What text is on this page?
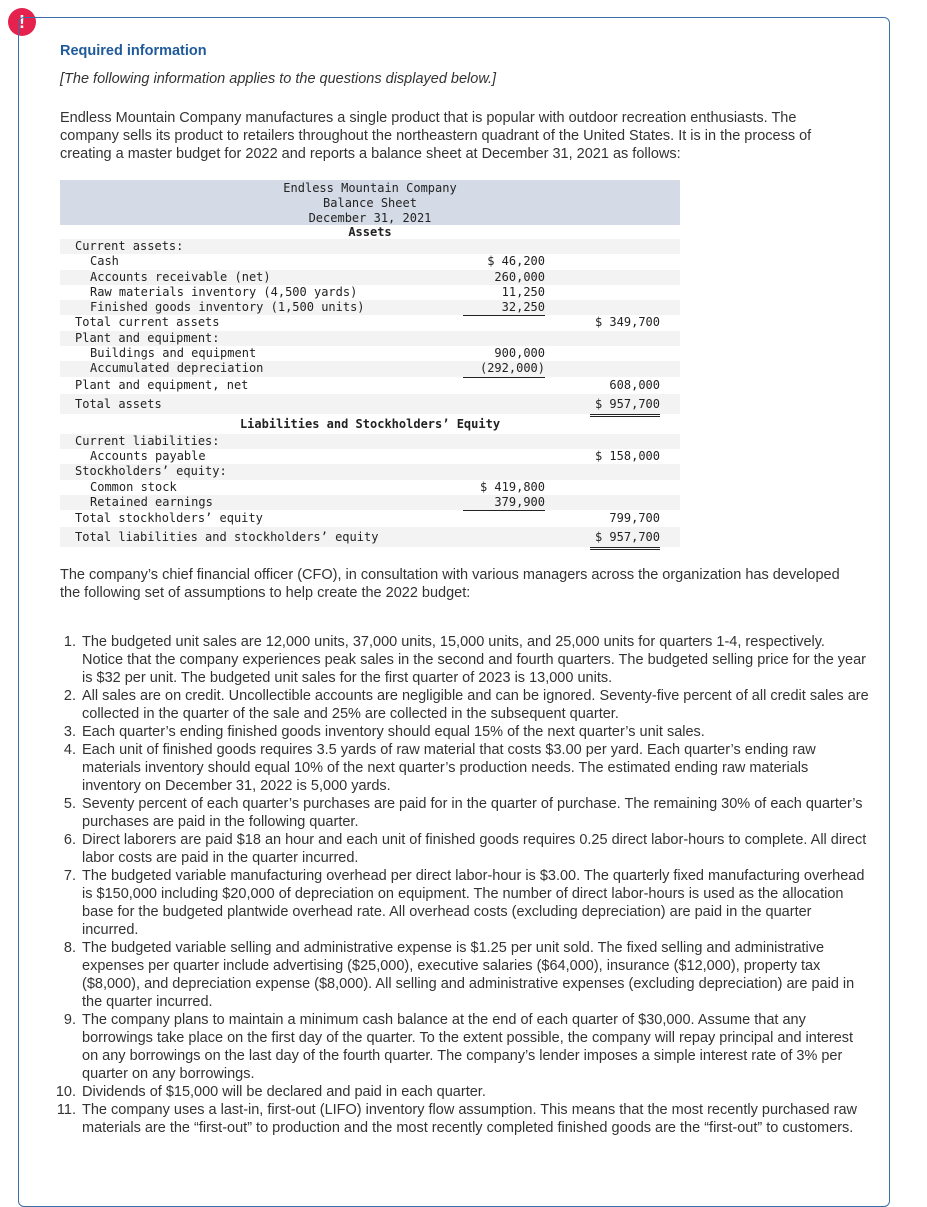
!
Required information
[The following information applies to the questions displayed below.]
Endless Mountain Company manufactures a single product that is popular with outdoor recreation enthusiasts. The company sells its product to retailers throughout the northeastern quadrant of the United States. It is in the process of creating a master budget for 2022 and reports a balance sheet at December 31, 2021 as follows:
Endless Mountain Company
Balance Sheet
December 31, 2021
Assets
Current assets:
Cash	$ 46,200
Accounts receivable (net)	260,000
Raw materials inventory (4,500 yards)	11,250
Finished goods inventory (1,500 units)	32,250
Total current assets	$ 349,700
Plant and equipment:
Buildings and equipment	900,000
Accumulated depreciation	(292,000)
Plant and equipment, net	608,000
Total assets	$ 957,700
Liabilities and Stockholders’ Equity
Current liabilities:
Accounts payable	$ 158,000
Stockholders’ equity:
Common stock	$ 419,800
Retained earnings	379,900
Total stockholders’ equity	799,700
Total liabilities and stockholders’ equity	$ 957,700
The company’s chief financial officer (CFO), in consultation with various managers across the organization has developed the following set of assumptions to help create the 2022 budget:
1. The budgeted unit sales are 12,000 units, 37,000 units, 15,000 units, and 25,000 units for quarters 1-4, respectively. Notice that the company experiences peak sales in the second and fourth quarters. The budgeted selling price for the year is $32 per unit. The budgeted unit sales for the first quarter of 2023 is 13,000 units.
2. All sales are on credit. Uncollectible accounts are negligible and can be ignored. Seventy-five percent of all credit sales are collected in the quarter of the sale and 25% are collected in the subsequent quarter.
3. Each quarter’s ending finished goods inventory should equal 15% of the next quarter’s unit sales.
4. Each unit of finished goods requires 3.5 yards of raw material that costs $3.00 per yard. Each quarter’s ending raw materials inventory should equal 10% of the next quarter’s production needs. The estimated ending raw materials inventory on December 31, 2022 is 5,000 yards.
5. Seventy percent of each quarter’s purchases are paid for in the quarter of purchase. The remaining 30% of each quarter’s purchases are paid in the following quarter.
6. Direct laborers are paid $18 an hour and each unit of finished goods requires 0.25 direct labor-hours to complete. All direct labor costs are paid in the quarter incurred.
7. The budgeted variable manufacturing overhead per direct labor-hour is $3.00. The quarterly fixed manufacturing overhead is $150,000 including $20,000 of depreciation on equipment. The number of direct labor-hours is used as the allocation base for the budgeted plantwide overhead rate. All overhead costs (excluding depreciation) are paid in the quarter incurred.
8. The budgeted variable selling and administrative expense is $1.25 per unit sold. The fixed selling and administrative expenses per quarter include advertising ($25,000), executive salaries ($64,000), insurance ($12,000), property tax ($8,000), and depreciation expense ($8,000). All selling and administrative expenses (excluding depreciation) are paid in the quarter incurred.
9. The company plans to maintain a minimum cash balance at the end of each quarter of $30,000. Assume that any borrowings take place on the first day of the quarter. To the extent possible, the company will repay principal and interest on any borrowings on the last day of the fourth quarter. The company’s lender imposes a simple interest rate of 3% per quarter on any borrowings.
10. Dividends of $15,000 will be declared and paid in each quarter.
11. The company uses a last-in, first-out (LIFO) inventory flow assumption. This means that the most recently purchased raw materials are the “first-out” to production and the most recently completed finished goods are the “first-out” to customers.
